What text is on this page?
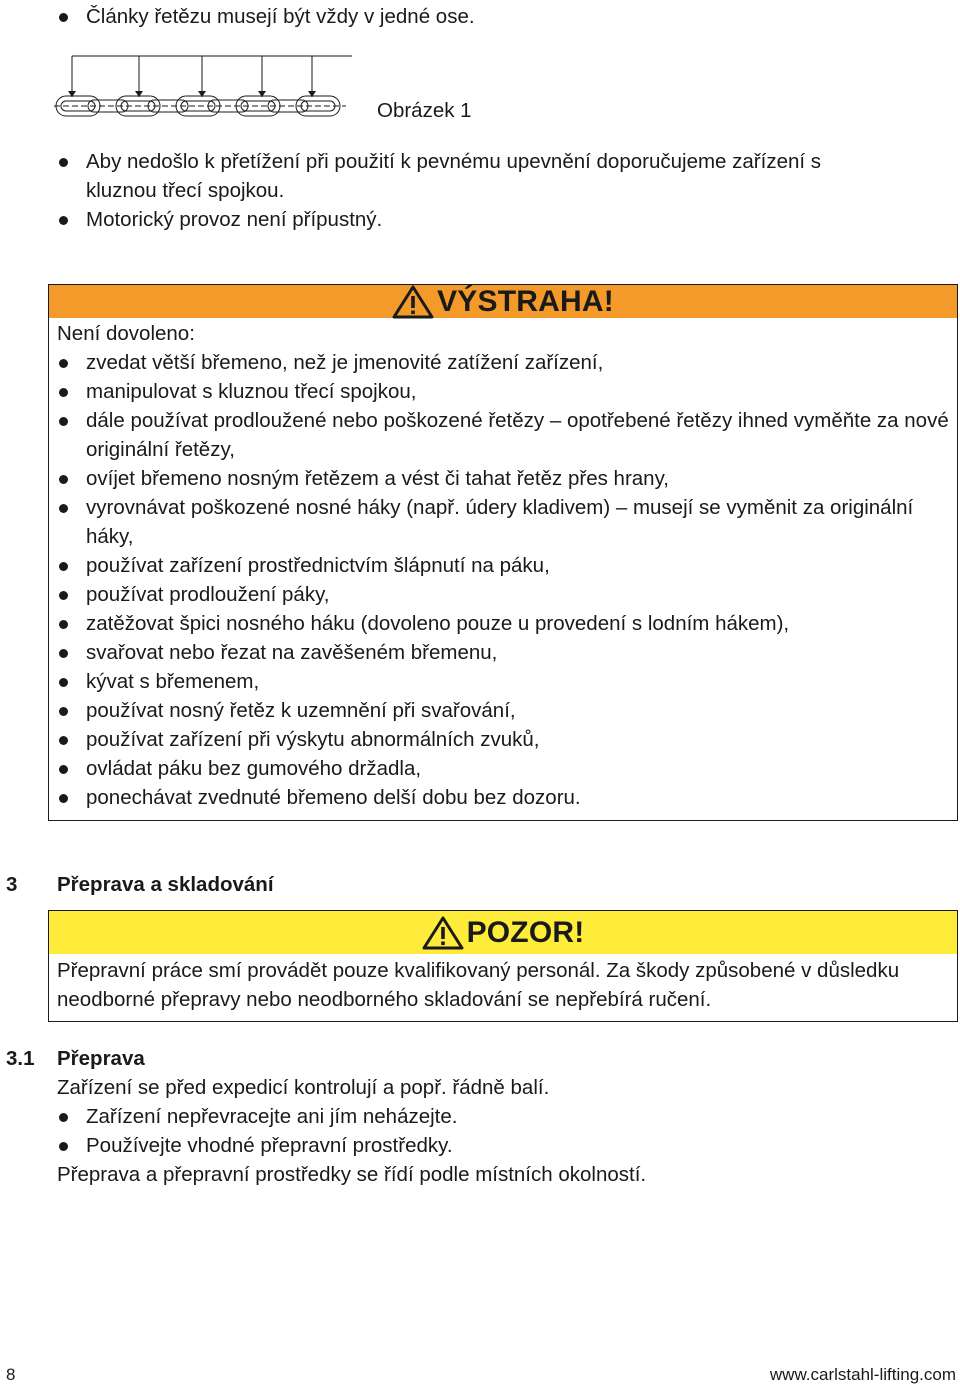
Články řetězu musejí být vždy v jedné ose.
Obrázek 1
Aby nedošlo k přetížení při použití k pevnému upevnění doporučujeme zařízení s kluznou třecí spojkou.
Motorický provoz není přípustný.
VÝSTRAHA!
Není dovoleno:
zvedat větší břemeno, než je jmenovité zatížení zařízení,
manipulovat s kluznou třecí spojkou,
dále používat prodloužené nebo poškozené řetězy – opotřebené řetězy ihned vyměňte za nové originální řetězy,
ovíjet břemeno nosným řetězem a vést či tahat řetěz přes hrany,
vyrovnávat poškozené nosné háky (např. údery kladivem) – musejí se vyměnit za originální háky,
používat zařízení prostřednictvím šlápnutí na páku,
používat prodloužení páky,
zatěžovat špici nosného háku (dovoleno pouze u provedení s lodním hákem),
svařovat nebo řezat na zavěšeném břemenu,
kývat s břemenem,
používat nosný řetěz k uzemnění při svařování,
používat zařízení při výskytu abnormálních zvuků,
ovládat páku bez gumového držadla,
ponechávat zvednuté břemeno delší dobu bez dozoru.
3 Přeprava a skladování
POZOR!
Přepravní práce smí provádět pouze kvalifikovaný personál. Za škody způsobené v důsledku neodborné přepravy nebo neodborného skladování se nepřebírá ručení.
3.1 Přeprava
Zařízení se před expedicí kontrolují a popř. řádně balí.
Zařízení nepřevracejte ani jím neházejte.
Používejte vhodné přepravní prostředky.
Přeprava a přepravní prostředky se řídí podle místních okolností.
8	www.carlstahl-lifting.com
